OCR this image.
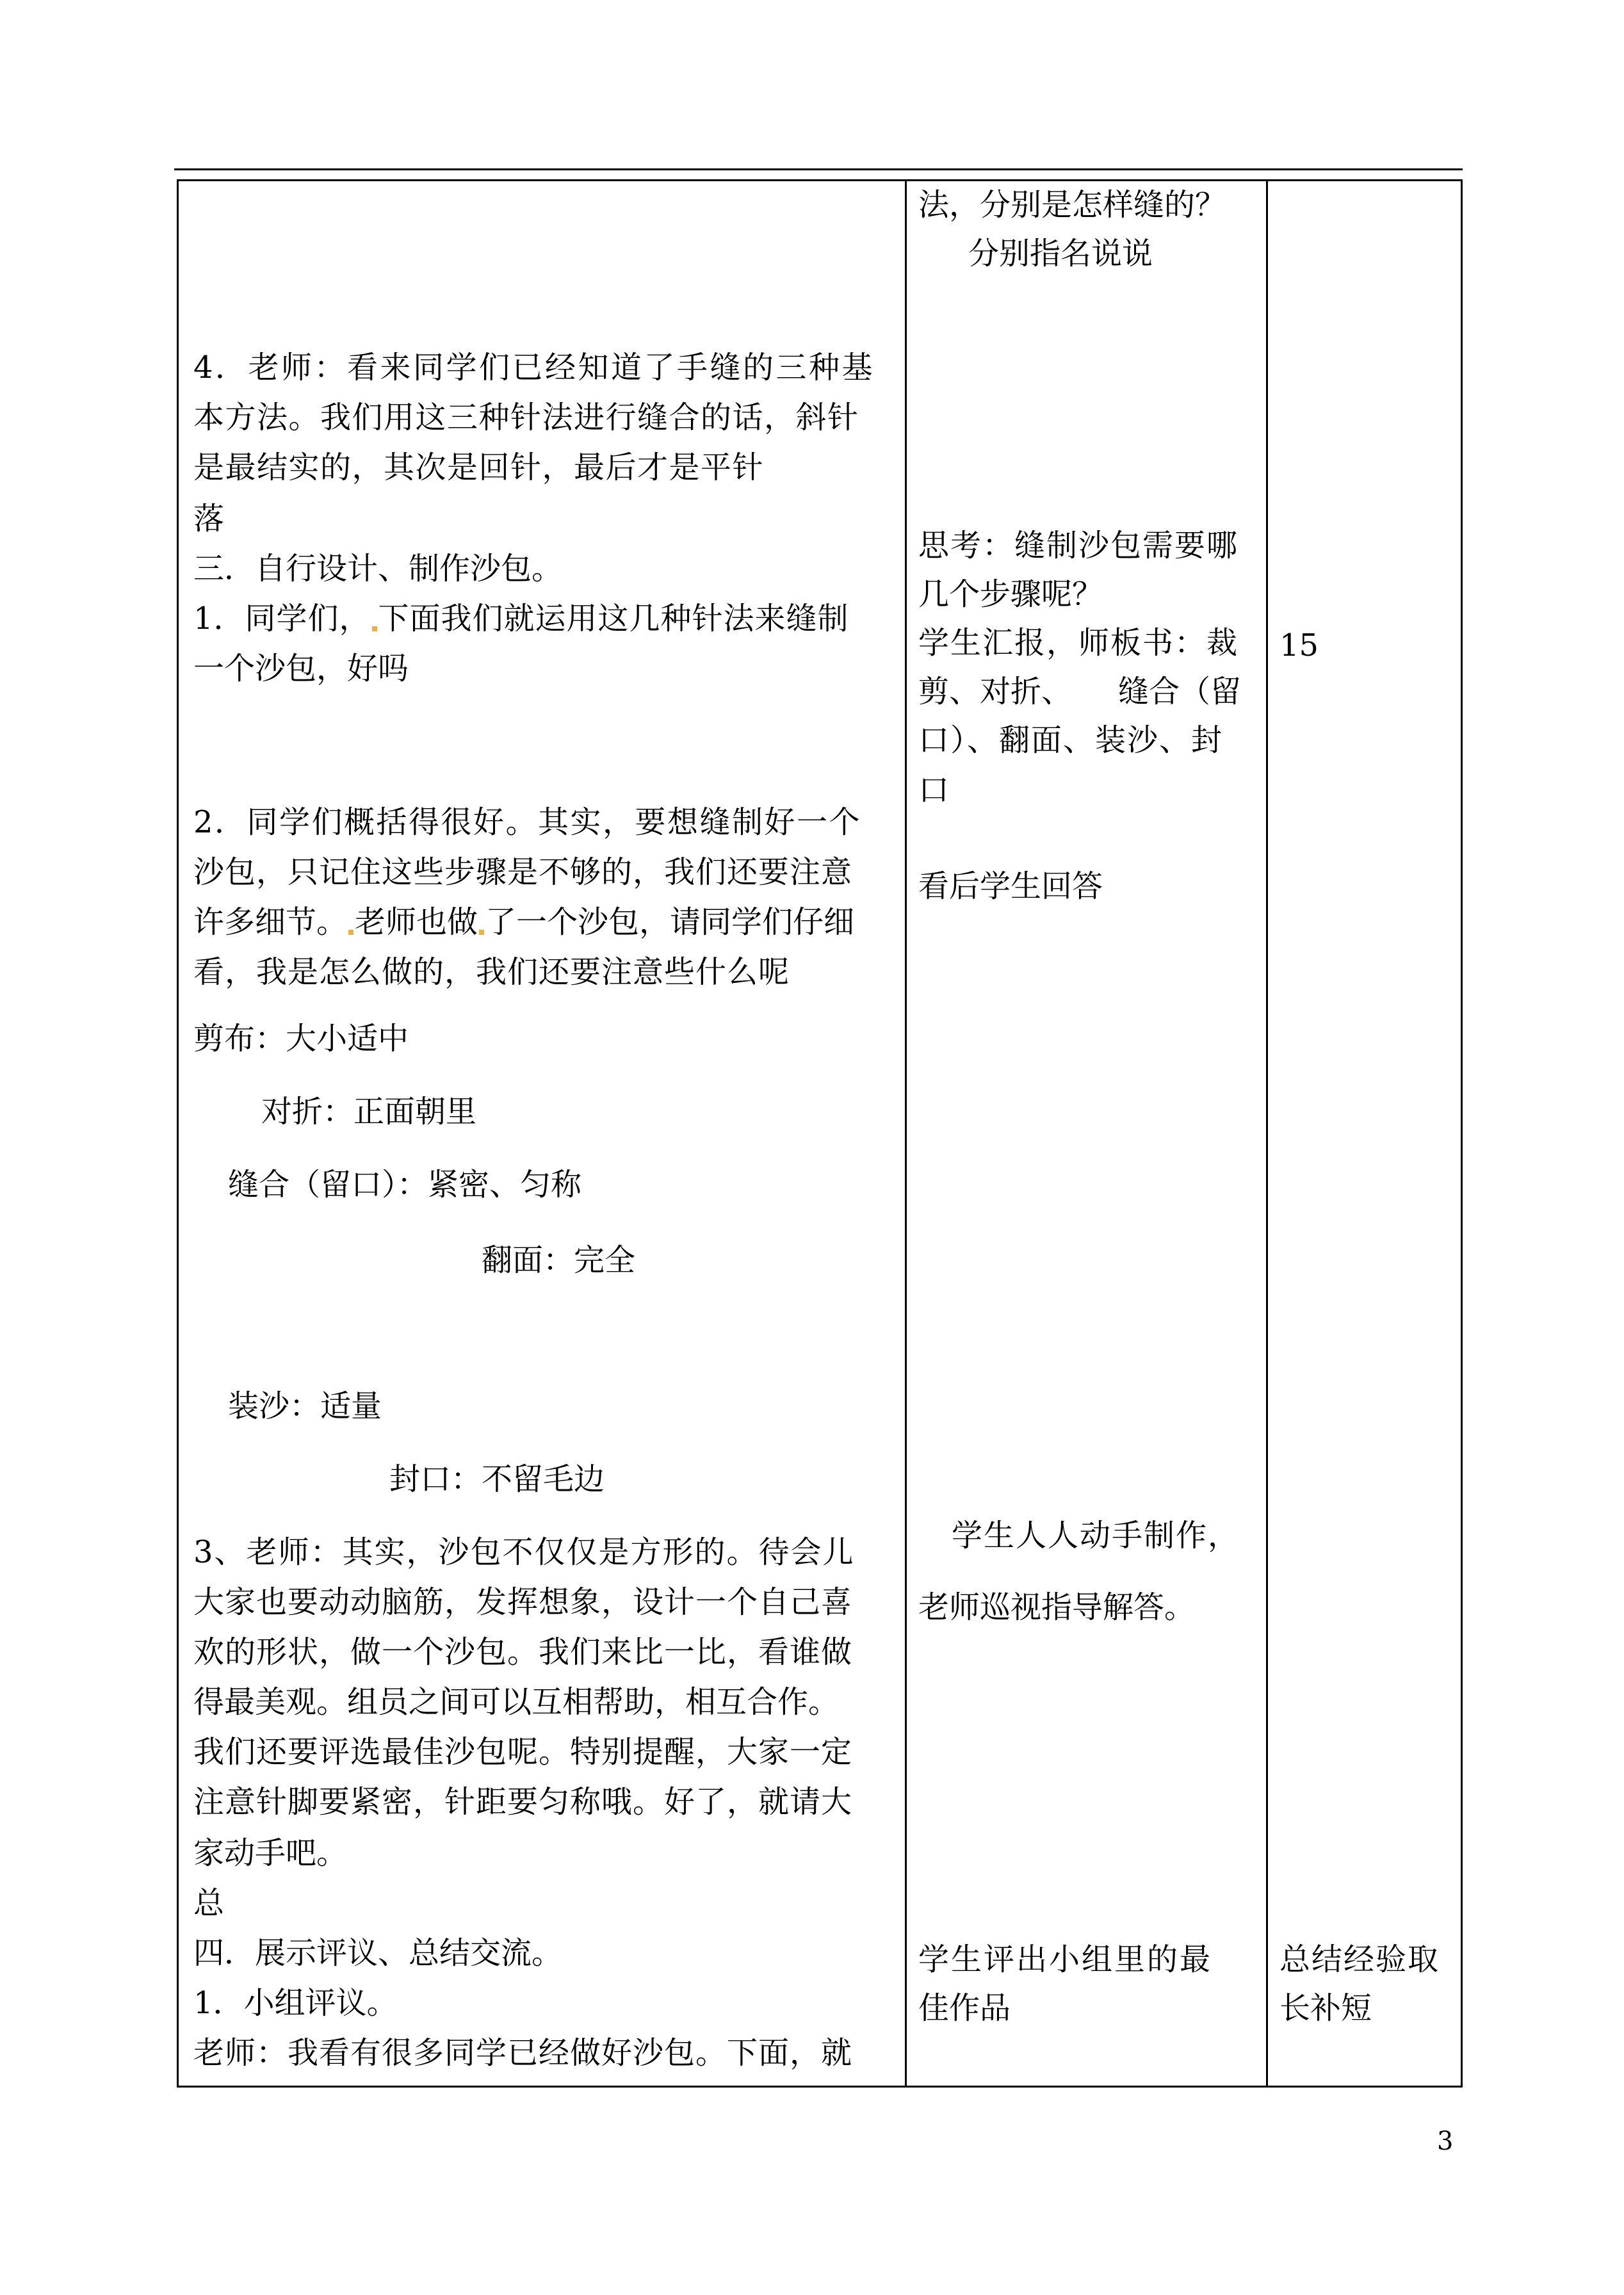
4．老师：看来同学们已经知道了手缝的三种基
本方法。我们用这三种针法进行缝合的话，斜针
是最结实的，其次是回针，最后才是平针
落
三．自行设计、制作沙包。
1．同学们， 下面我们就运用这几种针法来缝制
一个沙包，好吗
2．同学们概括得很好。其实，要想缝制好一个
沙包，只记住这些步骤是不够的，我们还要注意
许多细节。 老师也做 了一个沙包，请同学们仔细
看，我是怎么做的，我们还要注意些什么呢
剪布：大小适中
对折：正面朝里
缝合（留口）：紧密、匀称
翻面：完全
装沙：适量
封口：不留毛边
3、老师：其实，沙包不仅仅是方形的。待会儿
大家也要动动脑筋，发挥想象，设计一个自己喜
欢的形状，做一个沙包。我们来比一比，看谁做
得最美观。组员之间可以互相帮助，相互合作。
我们还要评选最佳沙包呢。特别提醒，大家一定
注意针脚要紧密，针距要匀称哦。好了，就请大
家动手吧。
总
四．展示评议、总结交流。
1．小组评议。
老师：我看有很多同学已经做好沙包。下面，就
法，分别是怎样缝的？
分别指名说说
思考：缝制沙包需要哪
几个步骤呢？
学生汇报，师板书：裁
剪、对折、　　缝合（留
口）、翻面、装沙、封
口
看后学生回答
学生人人动手制作，
老师巡视指导解答。
学生评出小组里的最
佳作品
15
总结经验取
长补短
3
